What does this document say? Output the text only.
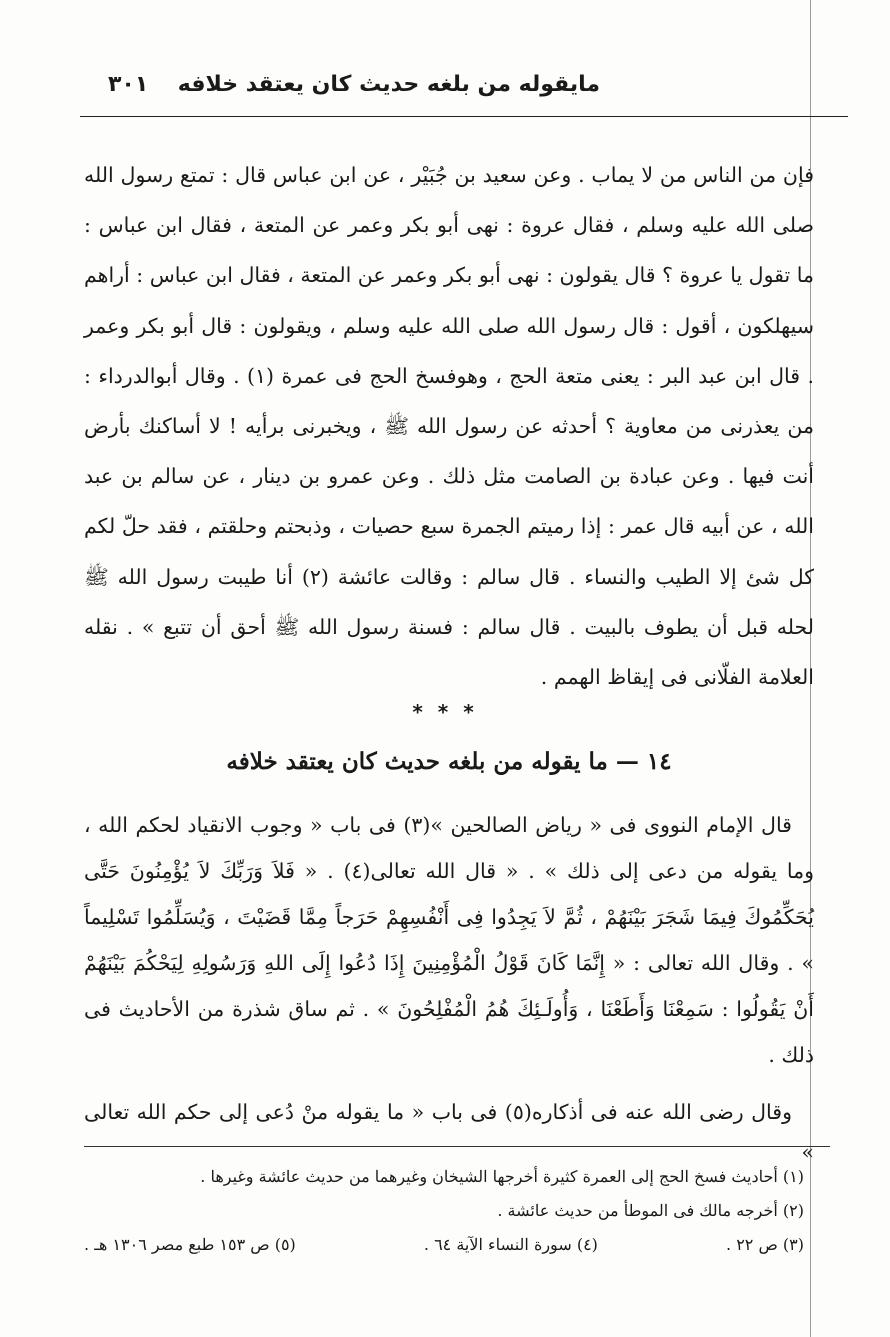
مايقوله من بلغه حديث كان يعتقد خلافه
٣٠١
فإن من الناس من لا يماب . وعن سعيد بن جُبَيْر ، عن ابن عباس قال : تمتع رسول الله صلى الله عليه وسلم ، فقال عروة : نهى أبو بكر وعمر عن المتعة ، فقال ابن عباس : ما تقول يا عروة ؟ قال يقولون : نهى أبو بكر وعمر عن المتعة ، فقال ابن عباس : أراهم سيهلكون ، أقول : قال رسول الله صلى الله عليه وسلم ، ويقولون : قال أبو بكر وعمر . قال ابن عبد البر : يعنى متعة الحج ، وهوفسخ الحج فى عمرة (١) . وقال أبوالدرداء : من يعذرنى من معاوية ؟ أحدثه عن رسول الله ﷺ ، ويخبرنى برأيه ! لا أساكنك بأرض أنت فيها . وعن عبادة بن الصامت مثل ذلك . وعن عمرو بن دينار ، عن سالم بن عبد الله ، عن أبيه قال عمر : إذا رميتم الجمرة سبع حصيات ، وذبحتم وحلقتم ، فقد حلّ لكم كل شئ إلا الطيب والنساء . قال سالم : وقالت عائشة (٢) أنا طيبت رسول الله ﷺ لحله قبل أن يطوف بالبيت . قال سالم : فسنة رسول الله ﷺ أحق أن تتبع » . نقله العلامة الفلّانى فى إيقاظ الهمم .
* * *
١٤ — ما يقوله من بلغه حديث كان يعتقد خلافه
قال الإمام النووى فى « رياض الصالحين »(٣) فى باب « وجوب الانقياد لحكم الله ، وما يقوله من دعى إلى ذلك » . « قال الله تعالى(٤) . « فَلاَ وَرَبِّكَ لاَ يُؤْمِنُونَ حَتَّى يُحَكِّمُوكَ فِيمَا شَجَرَ بَيْنَهُمْ ، ثُمَّ لاَ يَجِدُوا فِى أَنْفُسِهِمْ حَرَجاً مِمَّا قَضَيْتَ ، وَيُسَلِّمُوا تَسْلِيماً » . وقال الله تعالى : « إِنَّمَا كَانَ قَوْلُ الْمُؤْمِنِينَ إِذَا دُعُوا إِلَى اللهِ وَرَسُولِهِ لِيَحْكُمَ بَيْنَهُمْ أَنْ يَقُولُوا : سَمِعْنَا وَأَطَعْنَا ، وَأُولَـئِكَ هُمُ الْمُفْلِحُونَ » . ثم ساق شذرة من الأحاديث فى ذلك .
وقال رضى الله عنه فى أذكاره(٥) فى باب « ما يقوله منْ دُعى إلى حكم الله تعالى »
(١) أحاديث فسخ الحج إلى العمرة كثيرة أخرجها الشيخان وغيرهما من حديث عائشة وغيرها .
(٢) أخرجه مالك فى الموطأ من حديث عائشة .
(٣) ص ٢٢ .
(٤) سورة النساء الآية ٦٤ .
(٥) ص ١٥٣ طبع مصر ١٣٠٦ هـ .
